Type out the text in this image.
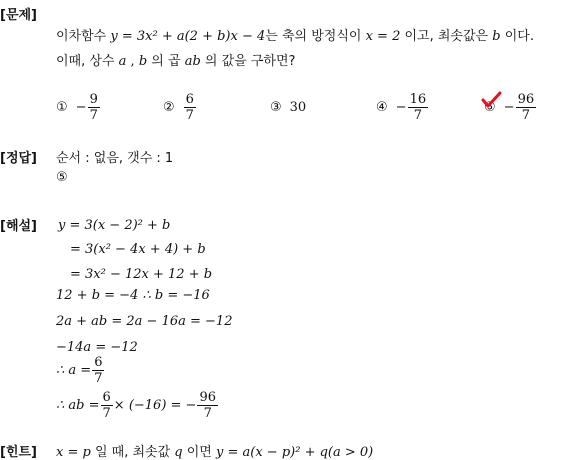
[문제]
[정답]
[해설]
[힌트]
이차함수 y = 3x² + a(2 + b)x − 4는 축의 방정식이 x = 2 이고, 최솟값은 b 이다.
이때, 상수 a , b 의 곱 ab 의 값을 구하면?
① − $\frac{9}{7}$	② $\frac{6}{7}$	③ 30	④ − $\frac{16}{7}$	⑤ − $\frac{96}{7}$
순서 : 없음, 갯수 : 1
⑤
y = 3(x − 2)² + b
= 3(x² − 4x + 4) + b
= 3x² − 12x + 12 + b
12 + b = −4 ∴ b = −16
2a + ab = 2a − 16a = −12
−14a = −12
∴ $a = \frac{6}{7}$
∴ ab = $\frac{6}{7} \times (-16)$ = − $\frac{96}{7}$
x = p 일 때, 최솟값 q 이면 y = a(x − p)² + q(a > 0)
